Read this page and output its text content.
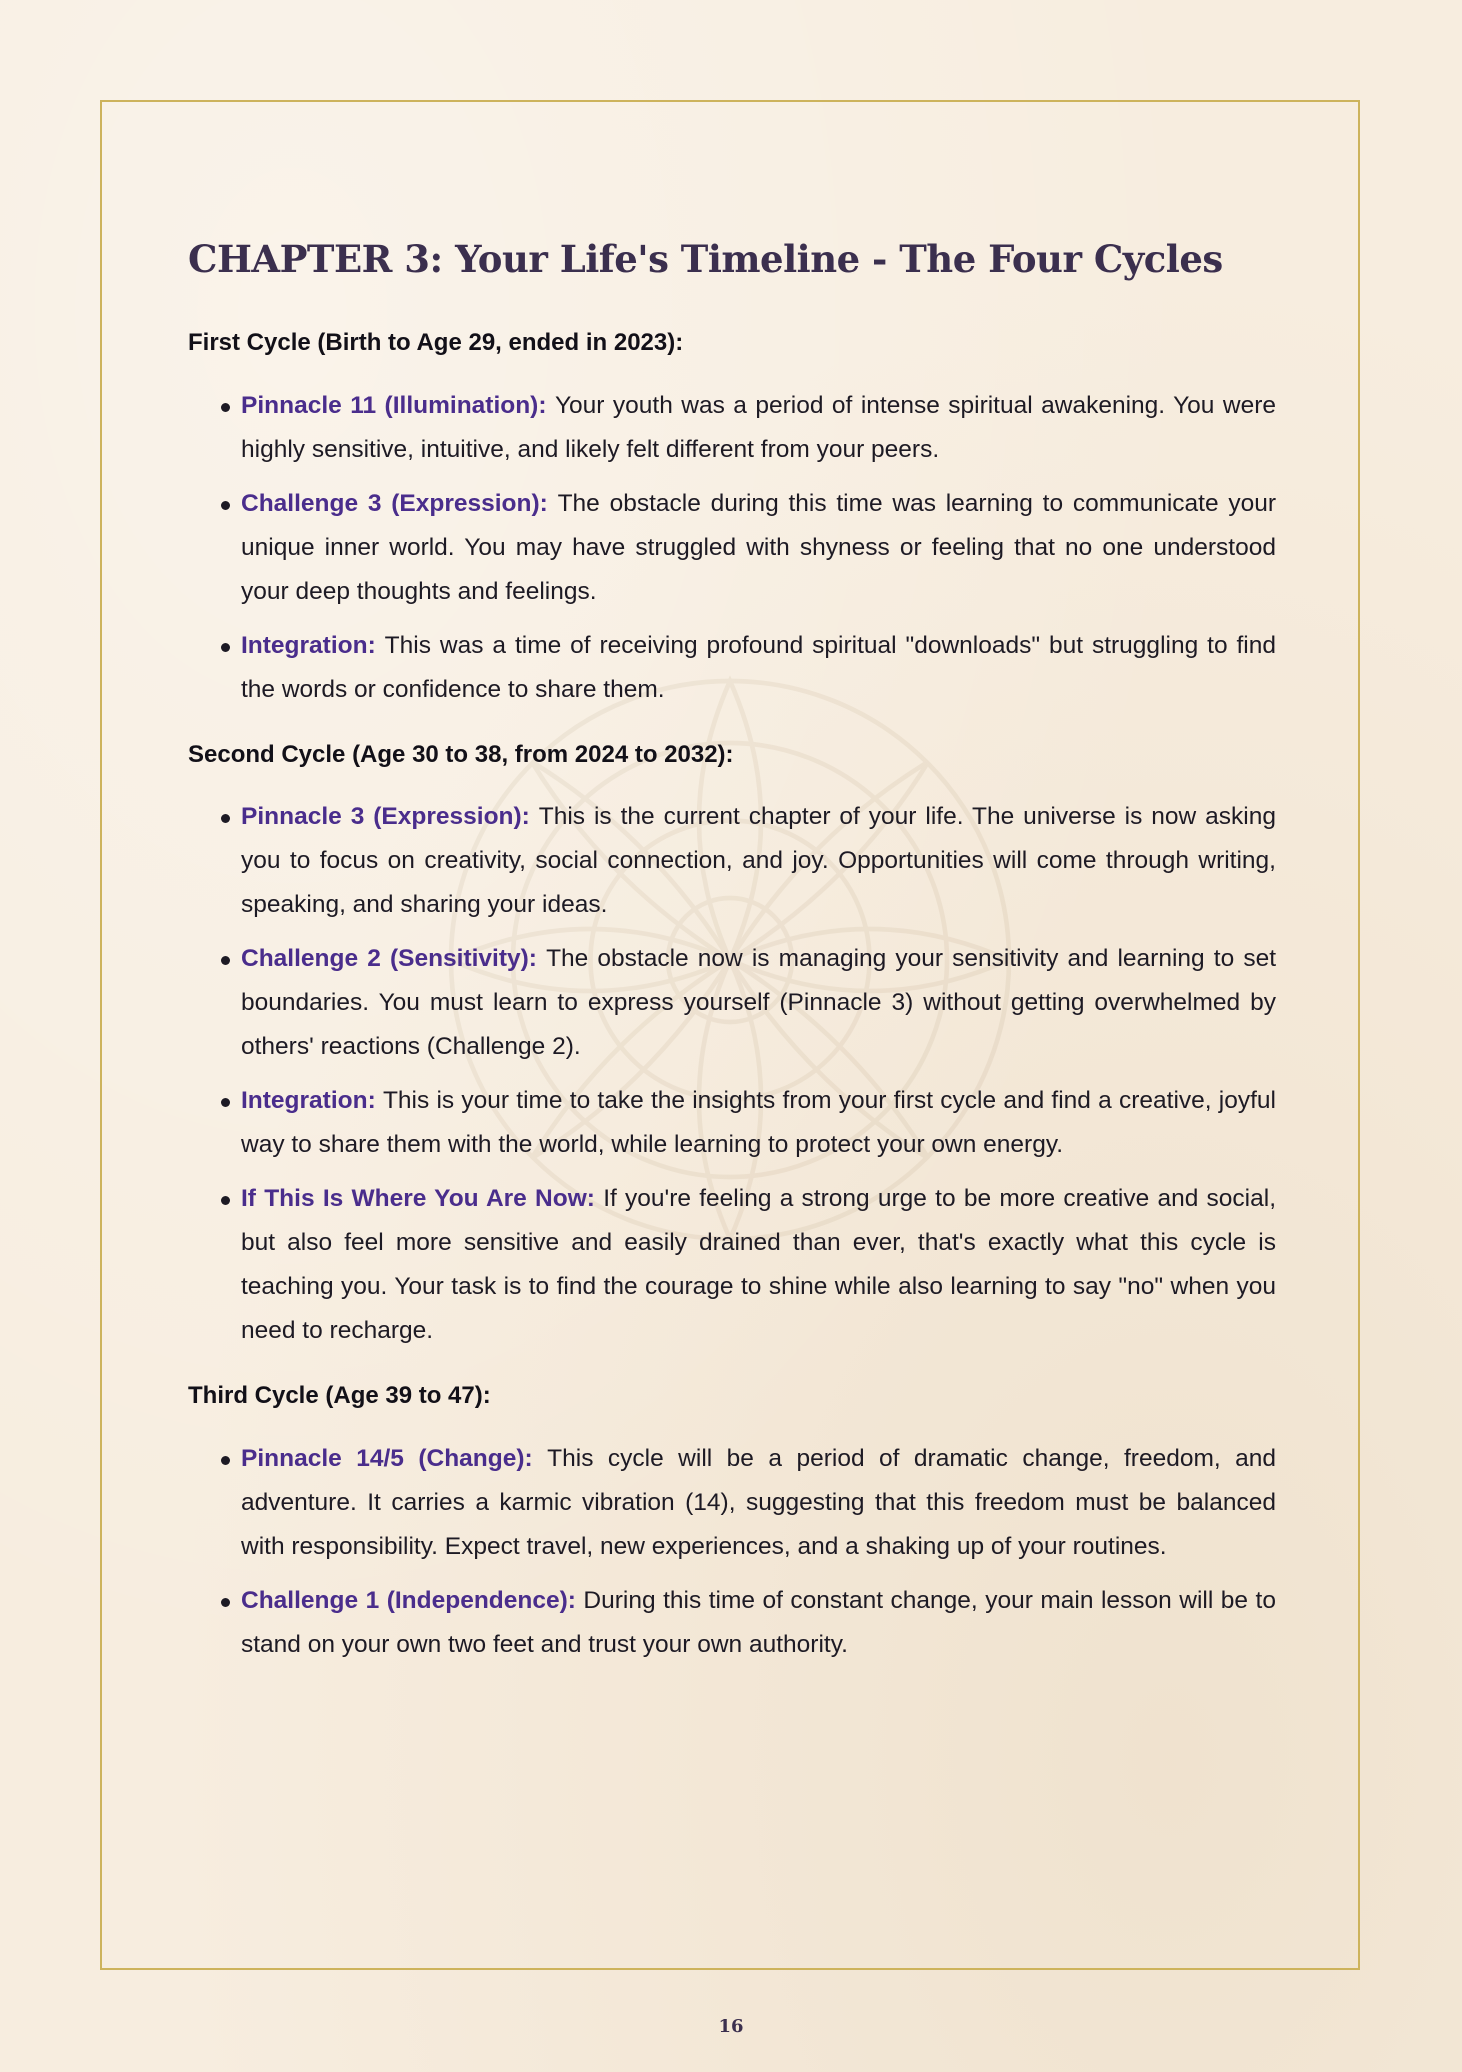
CHAPTER 3: Your Life's Timeline - The Four Cycles
First Cycle (Birth to Age 29, ended in 2023):
Pinnacle 11 (Illumination): Your youth was a period of intense spiritual awakening. You were highly sensitive, intuitive, and likely felt different from your peers.
Challenge 3 (Expression): The obstacle during this time was learning to communicate your unique inner world. You may have struggled with shyness or feeling that no one understood your deep thoughts and feelings.
Integration: This was a time of receiving profound spiritual "downloads" but struggling to find the words or confidence to share them.
Second Cycle (Age 30 to 38, from 2024 to 2032):
Pinnacle 3 (Expression): This is the current chapter of your life. The universe is now asking you to focus on creativity, social connection, and joy. Opportunities will come through writing, speaking, and sharing your ideas.
Challenge 2 (Sensitivity): The obstacle now is managing your sensitivity and learning to set boundaries. You must learn to express yourself (Pinnacle 3) without getting overwhelmed by others' reactions (Challenge 2).
Integration: This is your time to take the insights from your first cycle and find a creative, joyful way to share them with the world, while learning to protect your own energy.
If This Is Where You Are Now: If you're feeling a strong urge to be more creative and social, but also feel more sensitive and easily drained than ever, that's exactly what this cycle is teaching you. Your task is to find the courage to shine while also learning to say "no" when you need to recharge.
Third Cycle (Age 39 to 47):
Pinnacle 14/5 (Change): This cycle will be a period of dramatic change, freedom, and adventure. It carries a karmic vibration (14), suggesting that this freedom must be balanced with responsibility. Expect travel, new experiences, and a shaking up of your routines.
Challenge 1 (Independence): During this time of constant change, your main lesson will be to stand on your own two feet and trust your own authority.
16
